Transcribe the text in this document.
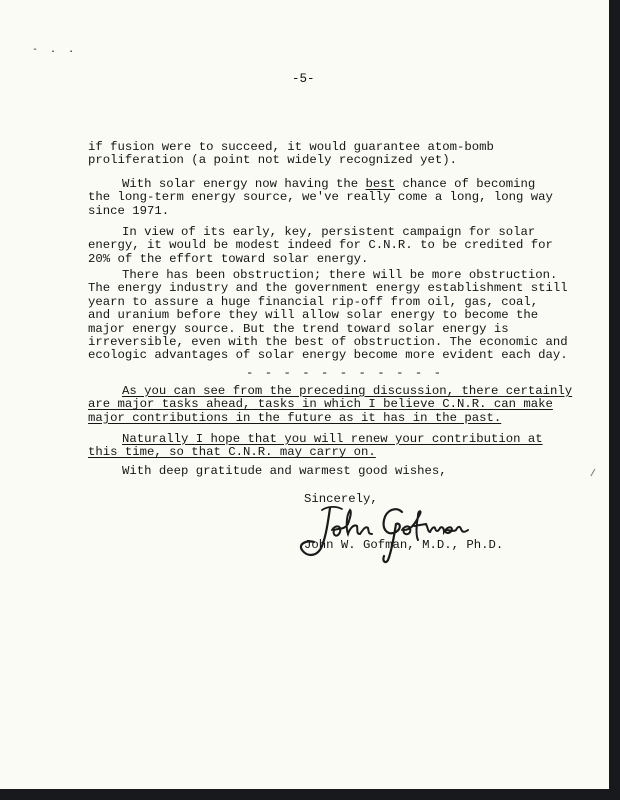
- . .
-5-
if fusion were to succeed, it would guarantee atom-bomb
proliferation (a point not widely recognized yet).
With solar energy now having the best chance of becoming
the long-term energy source, we've really come a long, long way
since 1971.
In view of its early, key, persistent campaign for solar
energy, it would be modest indeed for C.N.R. to be credited for
20% of the effort toward solar energy.
There has been obstruction; there will be more obstruction.
The energy industry and the government energy establishment still
yearn to assure a huge financial rip-off from oil, gas, coal,
and uranium before they will allow solar energy to become the
major energy source. But the trend toward solar energy is
irreversible, even with the best of obstruction. The economic and
ecologic advantages of solar energy become more evident each day.
- - - - - - - - - - -
As you can see from the preceding discussion, there certainly
are major tasks ahead, tasks in which I believe C.N.R. can make
major contributions in the future as it has in the past.
Naturally I hope that you will renew your contribution at
this time, so that C.N.R. may carry on.
With deep gratitude and warmest good wishes,
Sincerely,
John W. Gofman, M.D., Ph.D.
